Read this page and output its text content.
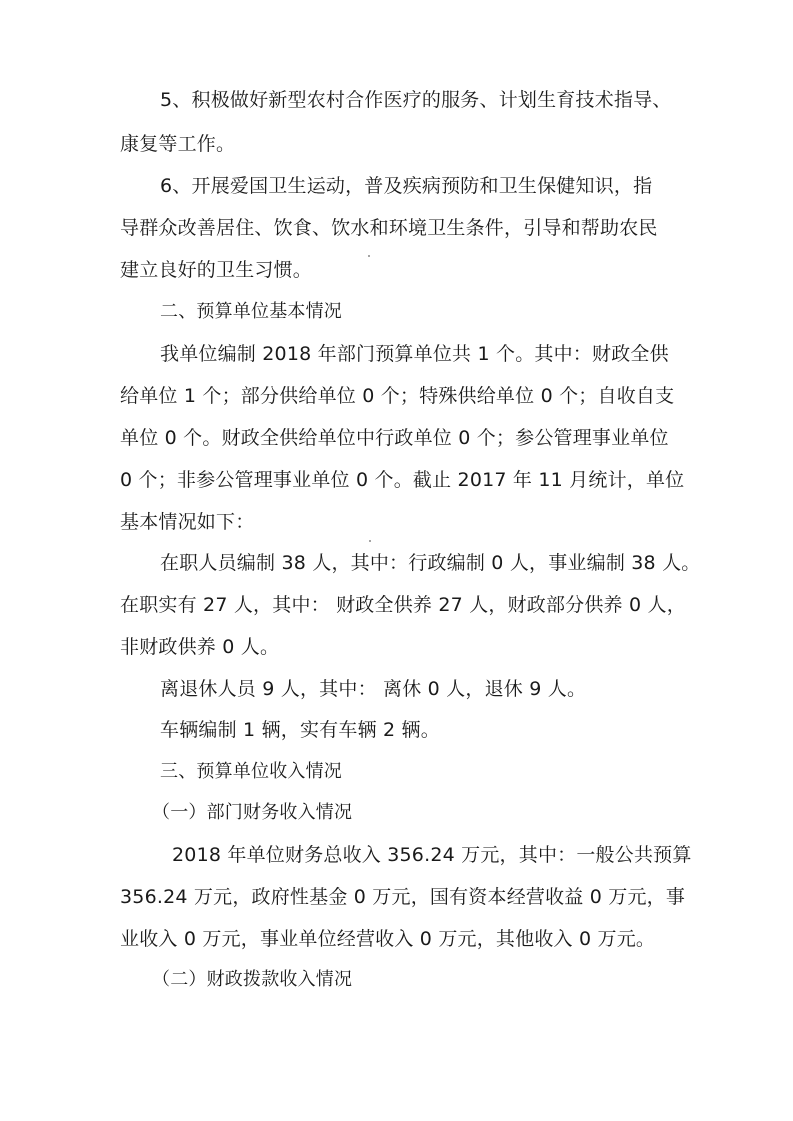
5、积极做好新型农村合作医疗的服务、计划生育技术指导、
康复等工作。
6、开展爱国卫生运动，普及疾病预防和卫生保健知识，指
导群众改善居住、饮食、饮水和环境卫生条件，引导和帮助农民
建立良好的卫生习惯。
二、预算单位基本情况
我单位编制 2018 年部门预算单位共 1 个。其中：财政全供
给单位 1 个；部分供给单位 0 个；特殊供给单位 0 个；自收自支
单位 0 个。财政全供给单位中行政单位 0 个；参公管理事业单位
0 个；非参公管理事业单位 0 个。截止 2017 年 11 月统计，单位
基本情况如下：
在职人员编制 38 人，其中：行政编制 0 人，事业编制 38 人。
在职实有 27 人，其中： 财政全供养 27 人，财政部分供养 0 人，
非财政供养 0 人。
离退休人员 9 人，其中： 离休 0 人，退休 9 人。
车辆编制 1 辆，实有车辆 2 辆。
三、预算单位收入情况
（一）部门财务收入情况
2018 年单位财务总收入 356.24 万元，其中：一般公共预算
356.24 万元，政府性基金 0 万元，国有资本经营收益 0 万元，事
业收入 0 万元，事业单位经营收入 0 万元，其他收入 0 万元。
（二）财政拨款收入情况
